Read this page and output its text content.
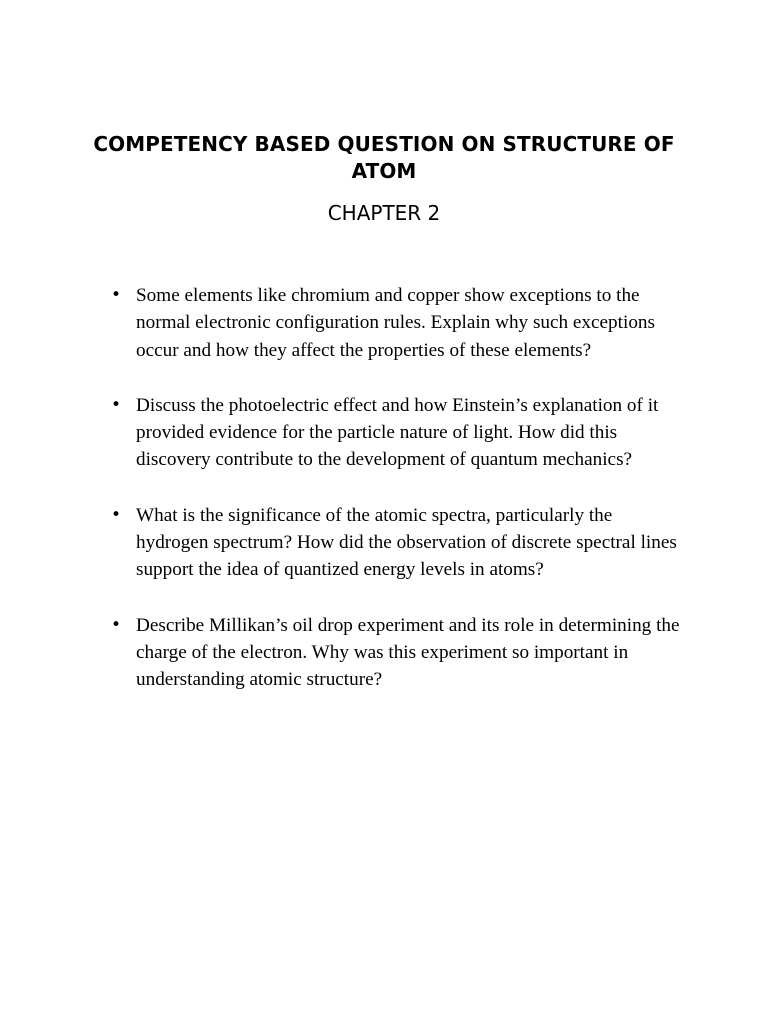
COMPETENCY BASED QUESTION ON STRUCTURE OF ATOM
CHAPTER 2
• Some elements like chromium and copper show exceptions to the normal electronic configuration rules. Explain why such exceptions occur and how they affect the properties of these elements?
• Discuss the photoelectric effect and how Einstein’s explanation of it provided evidence for the particle nature of light. How did this discovery contribute to the development of quantum mechanics?
• What is the significance of the atomic spectra, particularly the hydrogen spectrum? How did the observation of discrete spectral lines support the idea of quantized energy levels in atoms?
• Describe Millikan’s oil drop experiment and its role in determining the charge of the electron. Why was this experiment so important in understanding atomic structure?
